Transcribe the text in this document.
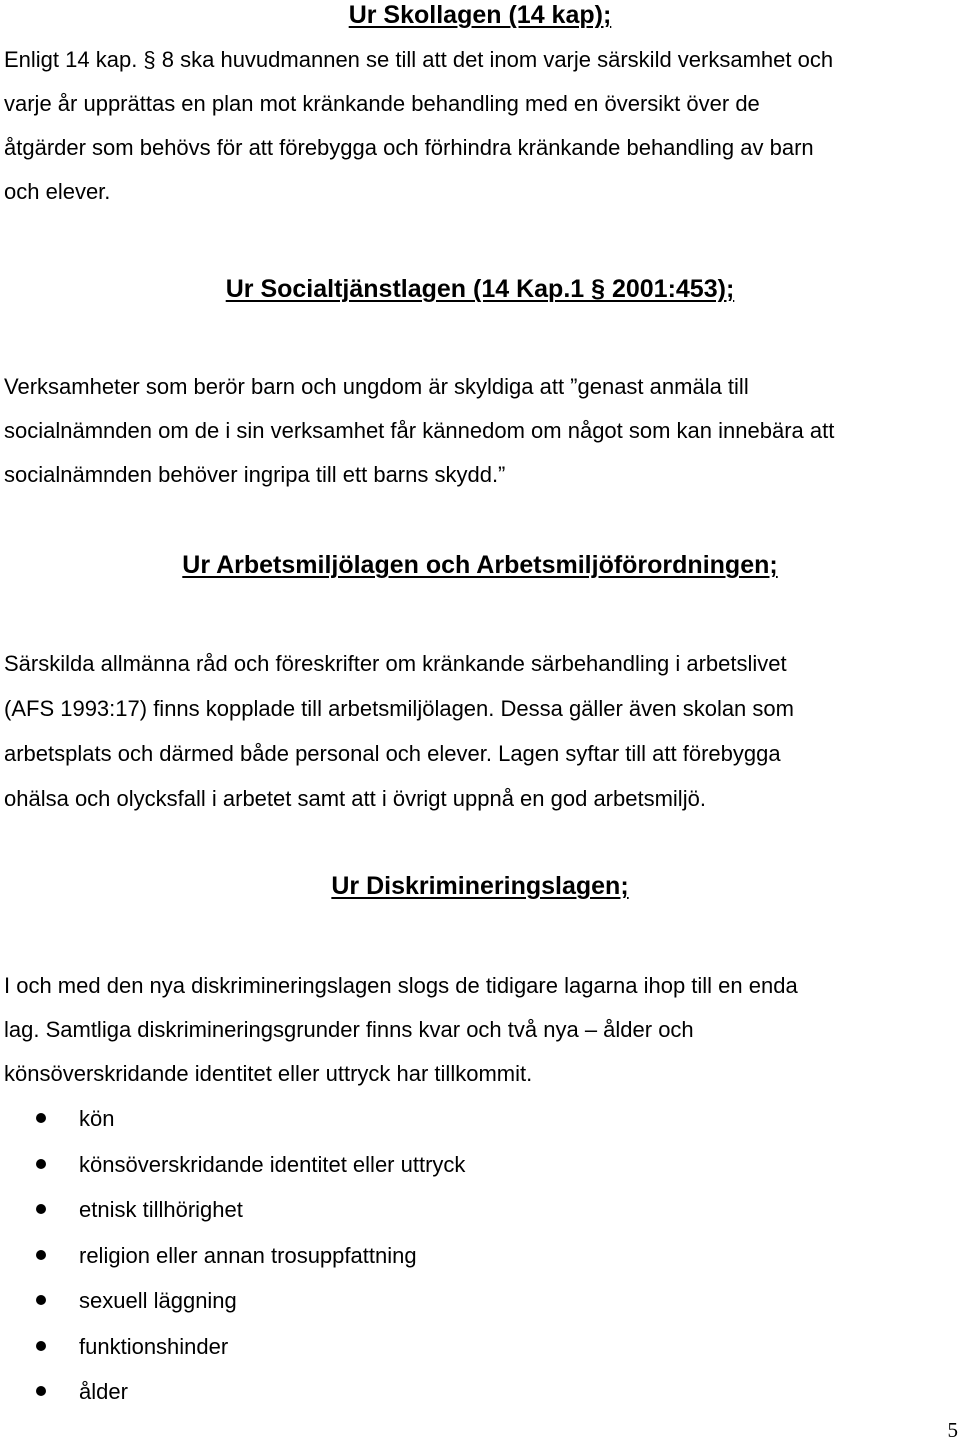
Ur Skollagen (14 kap);
Enligt 14 kap. § 8 ska huvudmannen se till att det inom varje särskild verksamhet och
varje år upprättas en plan mot kränkande behandling med en översikt över de
åtgärder som behövs för att förebygga och förhindra kränkande behandling av barn
och elever.
Ur Socialtjänstlagen (14 Kap.1 § 2001:453);
Verksamheter som berör barn och ungdom är skyldiga att ”genast anmäla till
socialnämnden om de i sin verksamhet får kännedom om något som kan innebära att
socialnämnden behöver ingripa till ett barns skydd.”
Ur Arbetsmiljölagen och Arbetsmiljöförordningen;
Särskilda allmänna råd och föreskrifter om kränkande särbehandling i arbetslivet
(AFS 1993:17) finns kopplade till arbetsmiljölagen. Dessa gäller även skolan som
arbetsplats och därmed både personal och elever. Lagen syftar till att förebygga
ohälsa och olycksfall i arbetet samt att i övrigt uppnå en god arbetsmiljö.
Ur Diskrimineringslagen;
I och med den nya diskrimineringslagen slogs de tidigare lagarna ihop till en enda
lag. Samtliga diskrimineringsgrunder finns kvar och två nya – ålder och
könsöverskridande identitet eller uttryck har tillkommit.
kön
könsöverskridande identitet eller uttryck
etnisk tillhörighet
religion eller annan trosuppfattning
sexuell läggning
funktionshinder
ålder
5
